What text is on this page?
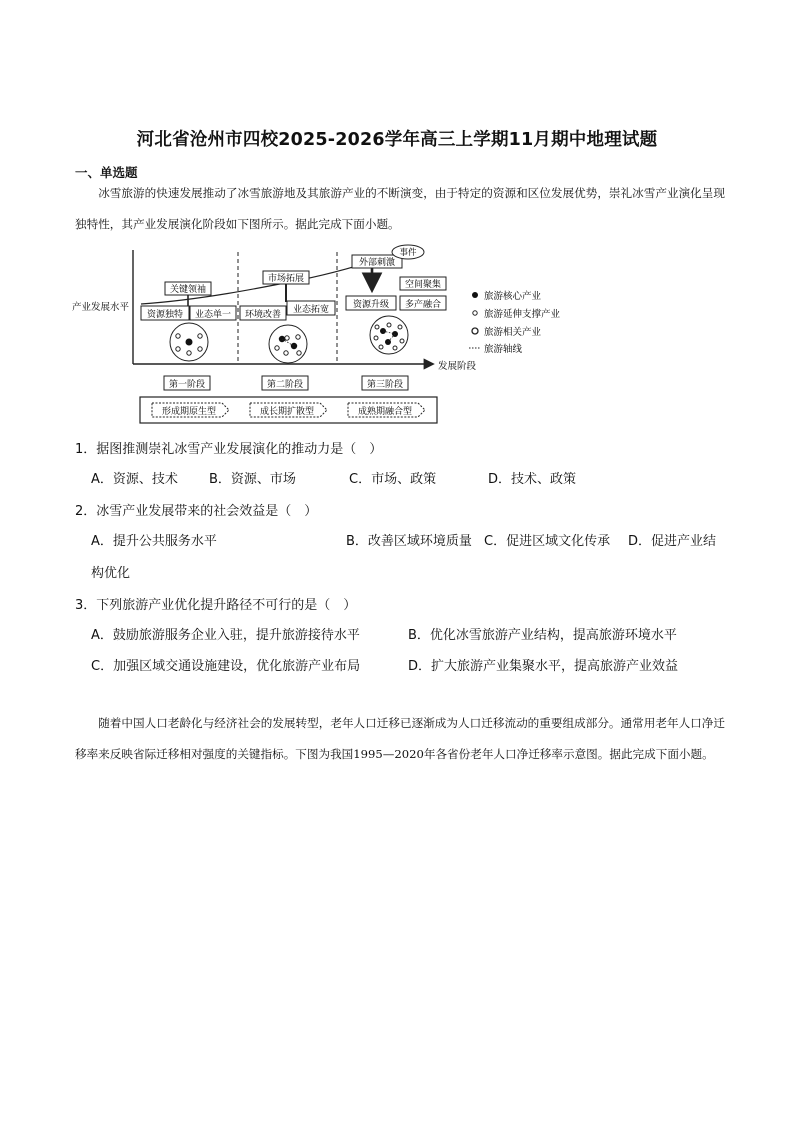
河北省沧州市四校2025-2026学年高三上学期11月期中地理试题
一、单选题
冰雪旅游的快速发展推动了冰雪旅游地及其旅游产业的不断演变，由于特定的资源和区位发展优势，崇礼冰雪产业演化呈现独特性，其产业发展演化阶段如下图所示。据此完成下面小题。
产业发展水平
发展阶段
关键领袖
资源独特 业态单一
市场拓展
环境改善 业态拓宽
外部刺激
事件
空间聚集
资源升级 多产融合
旅游核心产业
旅游延伸支撑产业
旅游相关产业
旅游轴线
第一阶段	第二阶段	第三阶段
形成期原生型	成长期扩散型	成熟期融合型
1．据图推测崇礼冰雪产业发展演化的推动力是（　）
A．资源、技术 B．资源、市场	C．市场、政策	D．技术、政策
2．冰雪产业发展带来的社会效益是（　）
A．提升公共服务水平	B．改善区域环境质量 C．促进区域文化传承 D．促进产业结
构优化
3．下列旅游产业优化提升路径不可行的是（　）
A．鼓励旅游服务企业入驻，提升旅游接待水平	B．优化冰雪旅游产业结构，提高旅游环境水平
C．加强区域交通设施建设，优化旅游产业布局	D．扩大旅游产业集聚水平，提高旅游产业效益
随着中国人口老龄化与经济社会的发展转型，老年人口迁移已逐渐成为人口迁移流动的重要组成部分。通常用老年人口净迁移率来反映省际迁移相对强度的关键指标。下图为我国1995—2020年各省份老年人口净迁移率示意图。据此完成下面小题。
